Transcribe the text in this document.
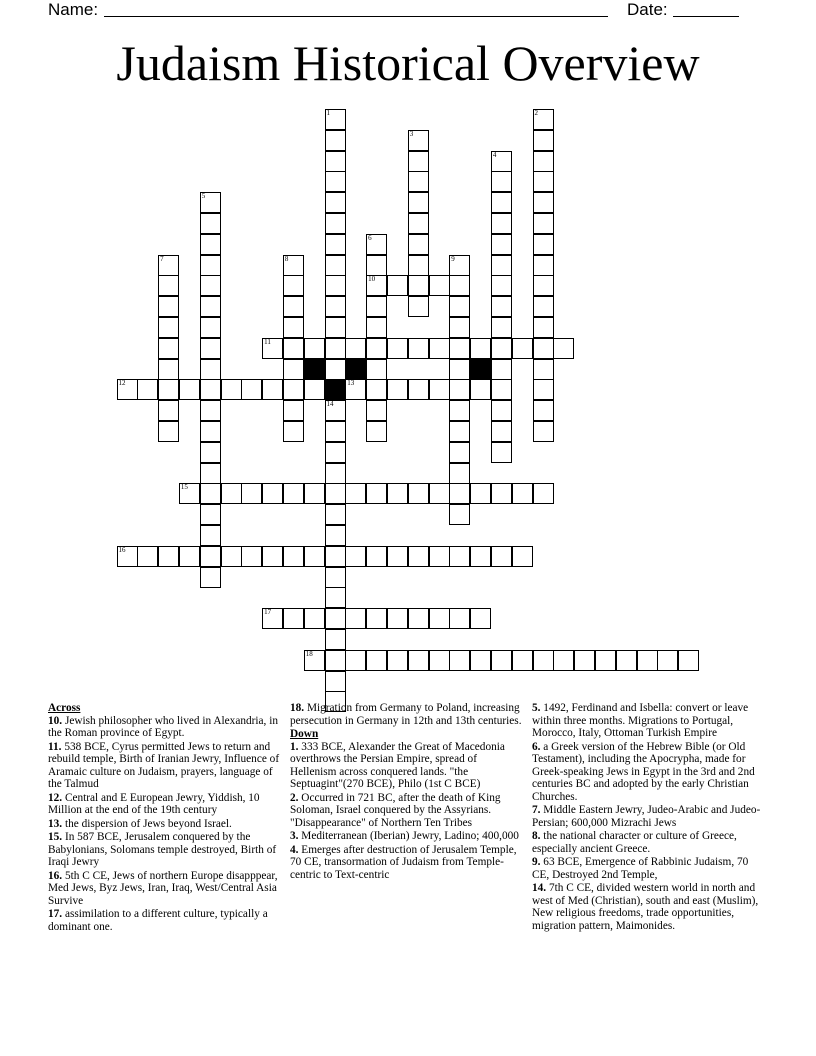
Name:	Date:
Judaism Historical Overview
1
14
2
3
4
5
6
10
7	8	9
11
12	13
15
16
17
18
Across
10. Jewish philosopher who lived in Alexandria, in the Roman province of Egypt.
11. 538 BCE, Cyrus permitted Jews to return and rebuild temple, Birth of Iranian Jewry, Influence of Aramaic culture on Judaism, prayers, language of the Talmud
12. Central and E European Jewry, Yiddish, 10 Million at the end of the 19th century
13. the dispersion of Jews beyond Israel.
15. In 587 BCE, Jerusalem conquered by the Babylonians, Solomans temple destroyed, Birth of Iraqi Jewry
16. 5th C CE, Jews of northern Europe disapppear, Med Jews, Byz Jews, Iran, Iraq, West/Central Asia Survive
17. assimilation to a different culture, typically a dominant one.
18. Migration from Germany to Poland, increasing persecution in Germany in 12th and 13th centuries.
Down
1. 333 BCE, Alexander the Great of Macedonia overthrows the Persian Empire, spread of Hellenism across conquered lands. "the Septuagint"(270 BCE), Philo (1st C BCE)
2. Occurred in 721 BC, after the death of King Soloman, Israel conquered by the Assyrians. "Disappearance" of Northern Ten Tribes
3. Mediterranean (Iberian) Jewry, Ladino; 400,000
4. Emerges after destruction of Jerusalem Temple, 70 CE, transormation of Judaism from Temple-centric to Text-centric
5. 1492, Ferdinand and Isbella: convert or leave within three months. Migrations to Portugal, Morocco, Italy, Ottoman Turkish Empire
6. a Greek version of the Hebrew Bible (or Old Testament), including the Apocrypha, made for Greek-speaking Jews in Egypt in the 3rd and 2nd centuries BC and adopted by the early Christian Churches.
7. Middle Eastern Jewry, Judeo-Arabic and Judeo-Persian; 600,000 Mizrachi Jews
8. the national character or culture of Greece, especially ancient Greece.
9. 63 BCE, Emergence of Rabbinic Judaism, 70 CE, Destroyed 2nd Temple,
14. 7th C CE, divided western world in north and west of Med (Christian), south and east (Muslim), New religious freedoms, trade opportunities, migration pattern, Maimonides.
